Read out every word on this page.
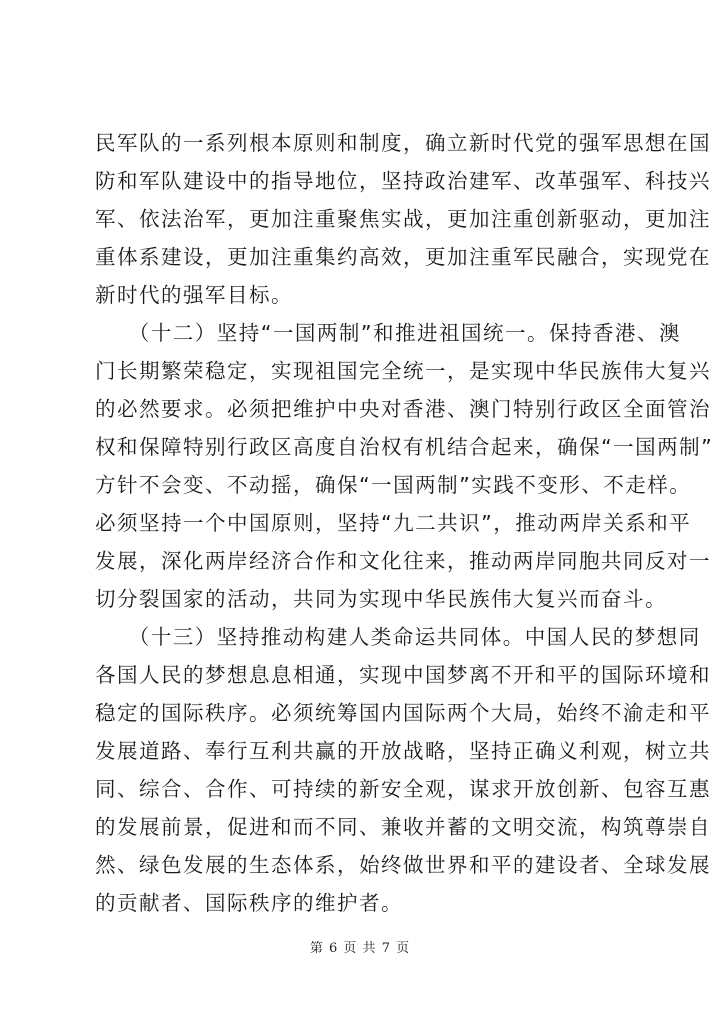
民军队的一系列根本原则和制度，确立新时代党的强军思想在国
防和军队建设中的指导地位，坚持政治建军、改革强军、科技兴
军、依法治军，更加注重聚焦实战，更加注重创新驱动，更加注
重体系建设，更加注重集约高效，更加注重军民融合，实现党在
新时代的强军目标。
　　（十二）坚持“一国两制”和推进祖国统一。保持香港、澳
门长期繁荣稳定，实现祖国完全统一，是实现中华民族伟大复兴
的必然要求。必须把维护中央对香港、澳门特别行政区全面管治
权和保障特别行政区高度自治权有机结合起来，确保“一国两制”
方针不会变、不动摇，确保“一国两制”实践不变形、不走样。
必须坚持一个中国原则，坚持“九二共识”，推动两岸关系和平
发展，深化两岸经济合作和文化往来，推动两岸同胞共同反对一
切分裂国家的活动，共同为实现中华民族伟大复兴而奋斗。
　　（十三）坚持推动构建人类命运共同体。中国人民的梦想同
各国人民的梦想息息相通，实现中国梦离不开和平的国际环境和
稳定的国际秩序。必须统筹国内国际两个大局，始终不渝走和平
发展道路、奉行互利共赢的开放战略，坚持正确义利观，树立共
同、综合、合作、可持续的新安全观，谋求开放创新、包容互惠
的发展前景，促进和而不同、兼收并蓄的文明交流，构筑尊崇自
然、绿色发展的生态体系，始终做世界和平的建设者、全球发展
的贡献者、国际秩序的维护者。
第 6 页 共 7 页
